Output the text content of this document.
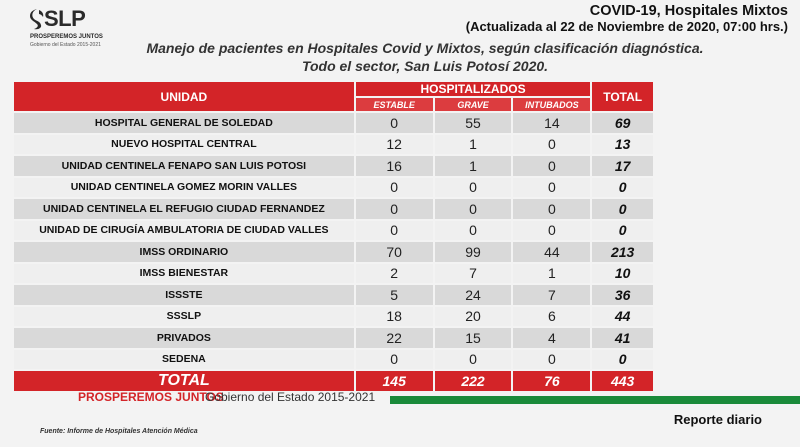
SLP
PROSPEREMOS JUNTOS
Gobierno del Estado 2015-2021
COVID-19, Hospitales Mixtos
(Actualizada al 22 de Noviembre de 2020, 07:00 hrs.)
Manejo de pacientes en Hospitales Covid y Mixtos, según clasificación diagnóstica.
Todo el sector, San Luis Potosí 2020.
UNIDAD	HOSPITALIZADOS			TOTAL
	ESTABLE	GRAVE	INTUBADOS	
HOSPITAL GENERAL DE SOLEDAD	0	55	14	69
NUEVO HOSPITAL CENTRAL	12	1	0	13
UNIDAD CENTINELA FENAPO SAN LUIS POTOSI	16	1	0	17
UNIDAD CENTINELA GOMEZ MORIN VALLES	0	0	0	0
UNIDAD CENTINELA EL REFUGIO CIUDAD FERNANDEZ	0	0	0	0
UNIDAD DE CIRUGÍA AMBULATORIA DE CIUDAD VALLES	0	0	0	0
IMSS ORDINARIO	70	99	44	213
IMSS BIENESTAR	2	7	1	10
ISSSTE	5	24	7	36
SSSLP	18	20	6	44
PRIVADOS	22	15	4	41
SEDENA	0	0	0	0
TOTAL	145	222	76	443
PROSPEREMOS JUNTOS
Gobierno del Estado 2015-2021
Reporte diario
Fuente: Informe de Hospitales Atención Médica
